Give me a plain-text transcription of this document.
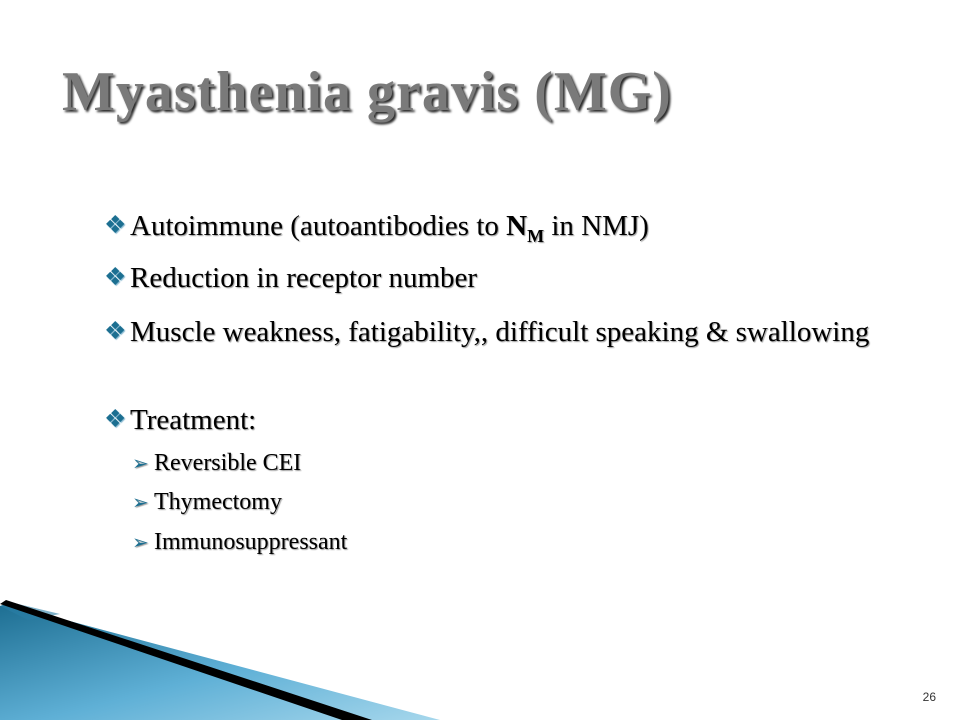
Myasthenia gravis (MG)
❖ Autoimmune (autoantibodies to $N_M$ in NMJ)
❖ Reduction in receptor number
❖ Muscle weakness, fatigability,, difficult speaking & swallowing
❖ Treatment:
➢ Reversible CEI
➢ Thymectomy
➢ Immunosuppressant
26
